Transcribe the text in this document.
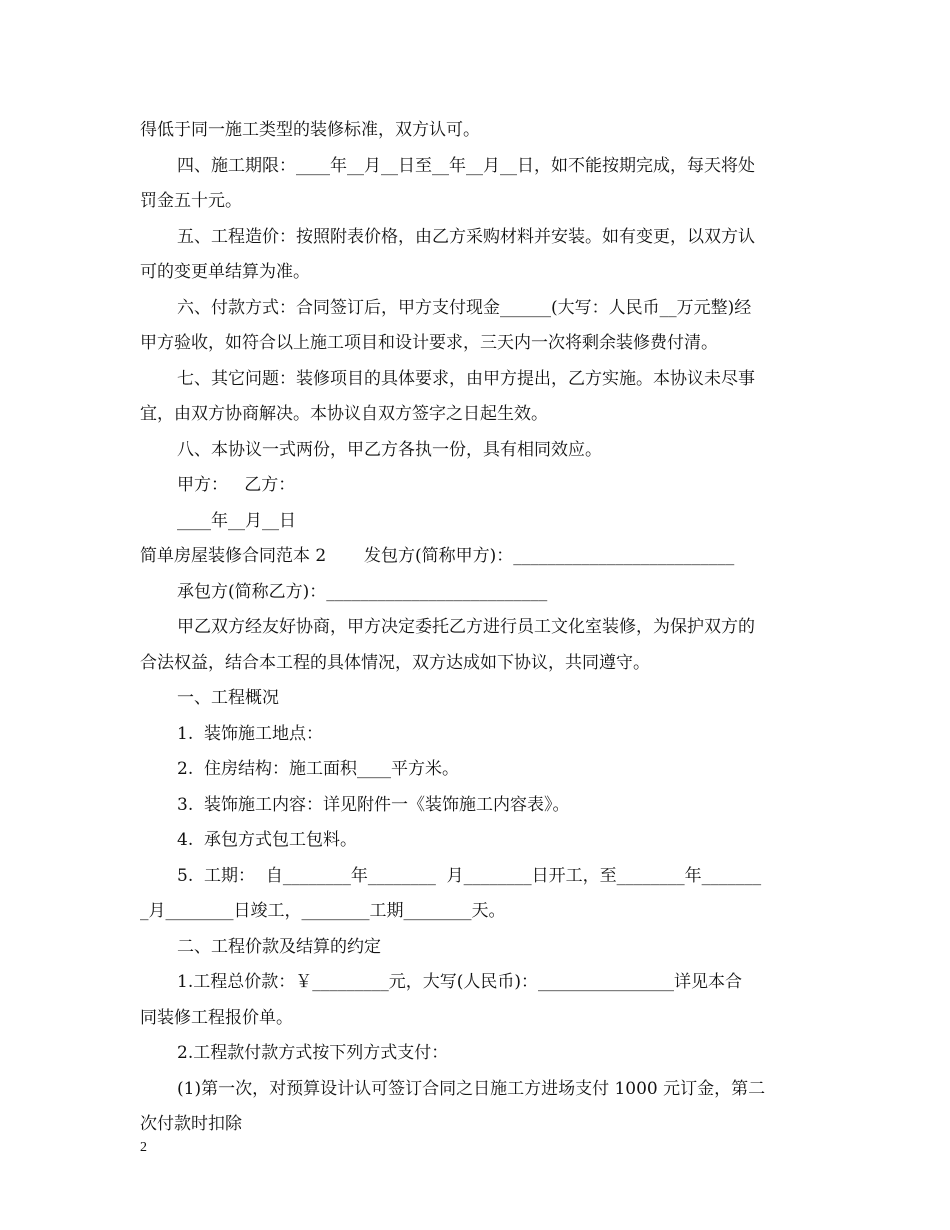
得低于同一施工类型的装修标准，双方认可。
四、施工期限：____年__月__日至__年__月__日，如不能按期完成，每天将处
罚金五十元。
五、工程造价：按照附表价格，由乙方采购材料并安装。如有变更，以双方认
可的变更单结算为准。
六、付款方式：合同签订后，甲方支付现金______(大写：人民币__万元整)经
甲方验收，如符合以上施工项目和设计要求，三天内一次将剩余装修费付清。
七、其它问题：装修项目的具体要求，由甲方提出，乙方实施。本协议未尽事
宜，由双方协商解决。本协议自双方签字之日起生效。
八、本协议一式两份，甲乙方各执一份，具有相同效应。
甲方：   乙方：
____年__月__日
简单房屋装修合同范本 2       发包方(简称甲方)：__________________________
承包方(简称乙方)：__________________________
甲乙双方经友好协商，甲方决定委托乙方进行员工文化室装修，为保护双方的
合法权益，结合本工程的具体情况，双方达成如下协议，共同遵守。
一、工程概况
1.  装饰施工地点：
2.  住房结构：施工面积____平方米。
3.  装饰施工内容：详见附件一《装饰施工内容表》。
4.  承包方式包工包料。
5.  工期：  自________年________  月________日开工，至________年_______
_月________日竣工，________工期________天。
二、工程价款及结算的约定
1.工程总价款：￥_________元，大写(人民币)：________________详见本合
同装修工程报价单。
2.工程款付款方式按下列方式支付：
(1)第一次，对预算设计认可签订合同之日施工方进场支付 1000 元订金，第二
次付款时扣除
2
